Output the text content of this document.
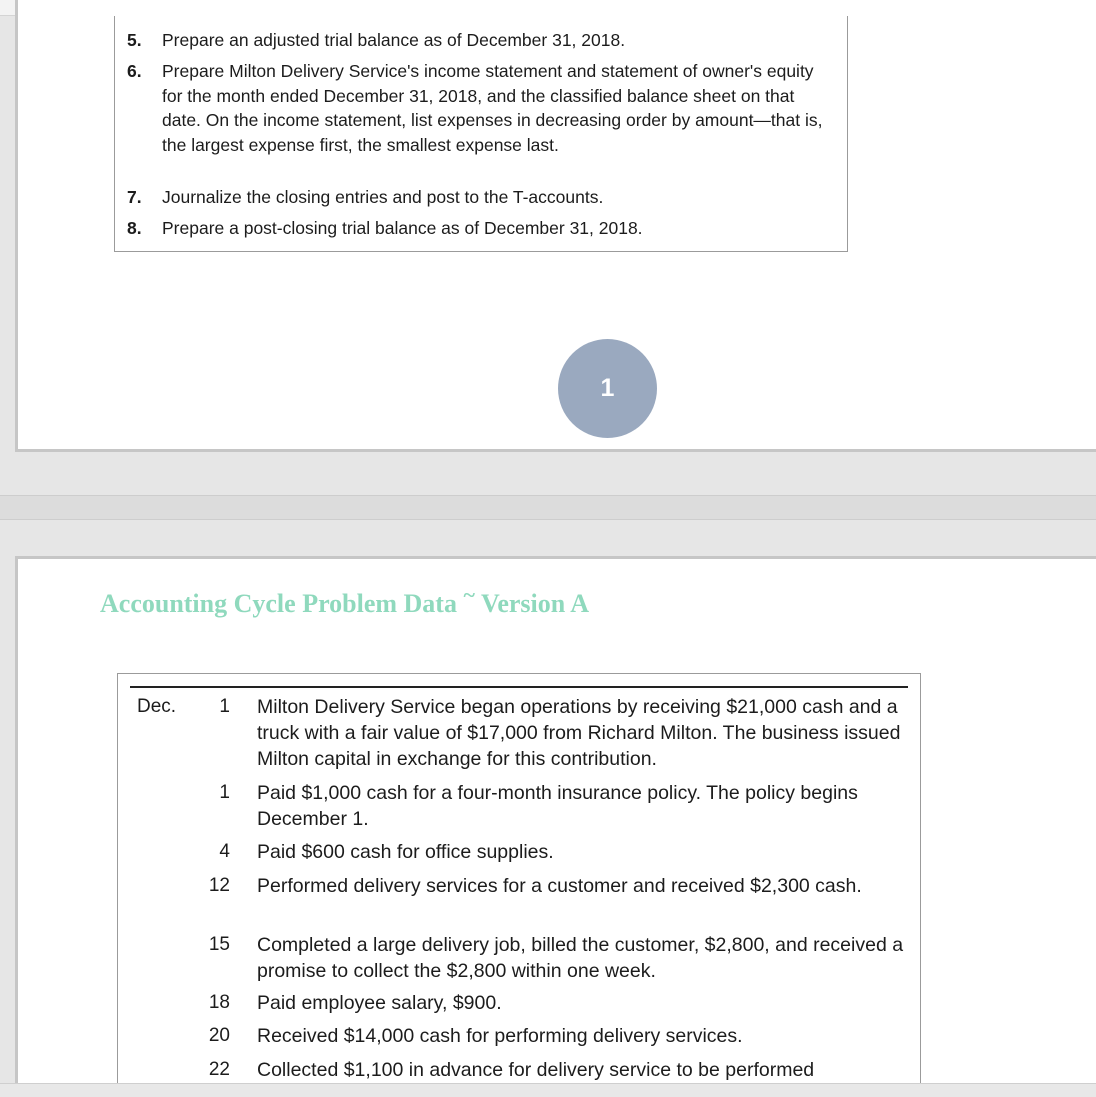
5. Prepare an adjusted trial balance as of December 31, 2018.
6. Prepare Milton Delivery Service's income statement and statement of owner's equity for the month ended December 31, 2018, and the classified balance sheet on that date. On the income statement, list expenses in decreasing order by amount—that is, the largest expense first, the smallest expense last.
7. Journalize the closing entries and post to the T-accounts.
8. Prepare a post-closing trial balance as of December 31, 2018.
1
Accounting Cycle Problem Data ~ Version A
Dec.	1 Milton Delivery Service began operations by receiving $21,000 cash and a truck with a fair value of $17,000 from Richard Milton. The business issued Milton capital in exchange for this contribution.
1 Paid $1,000 cash for a four-month insurance policy. The policy begins December 1.
4 Paid $600 cash for office supplies.
12 Performed delivery services for a customer and received $2,300 cash.
15 Completed a large delivery job, billed the customer, $2,800, and received a promise to collect the $2,800 within one week.
18 Paid employee salary, $900.
20 Received $14,000 cash for performing delivery services.
22 Collected $1,100 in advance for delivery service to be performed
